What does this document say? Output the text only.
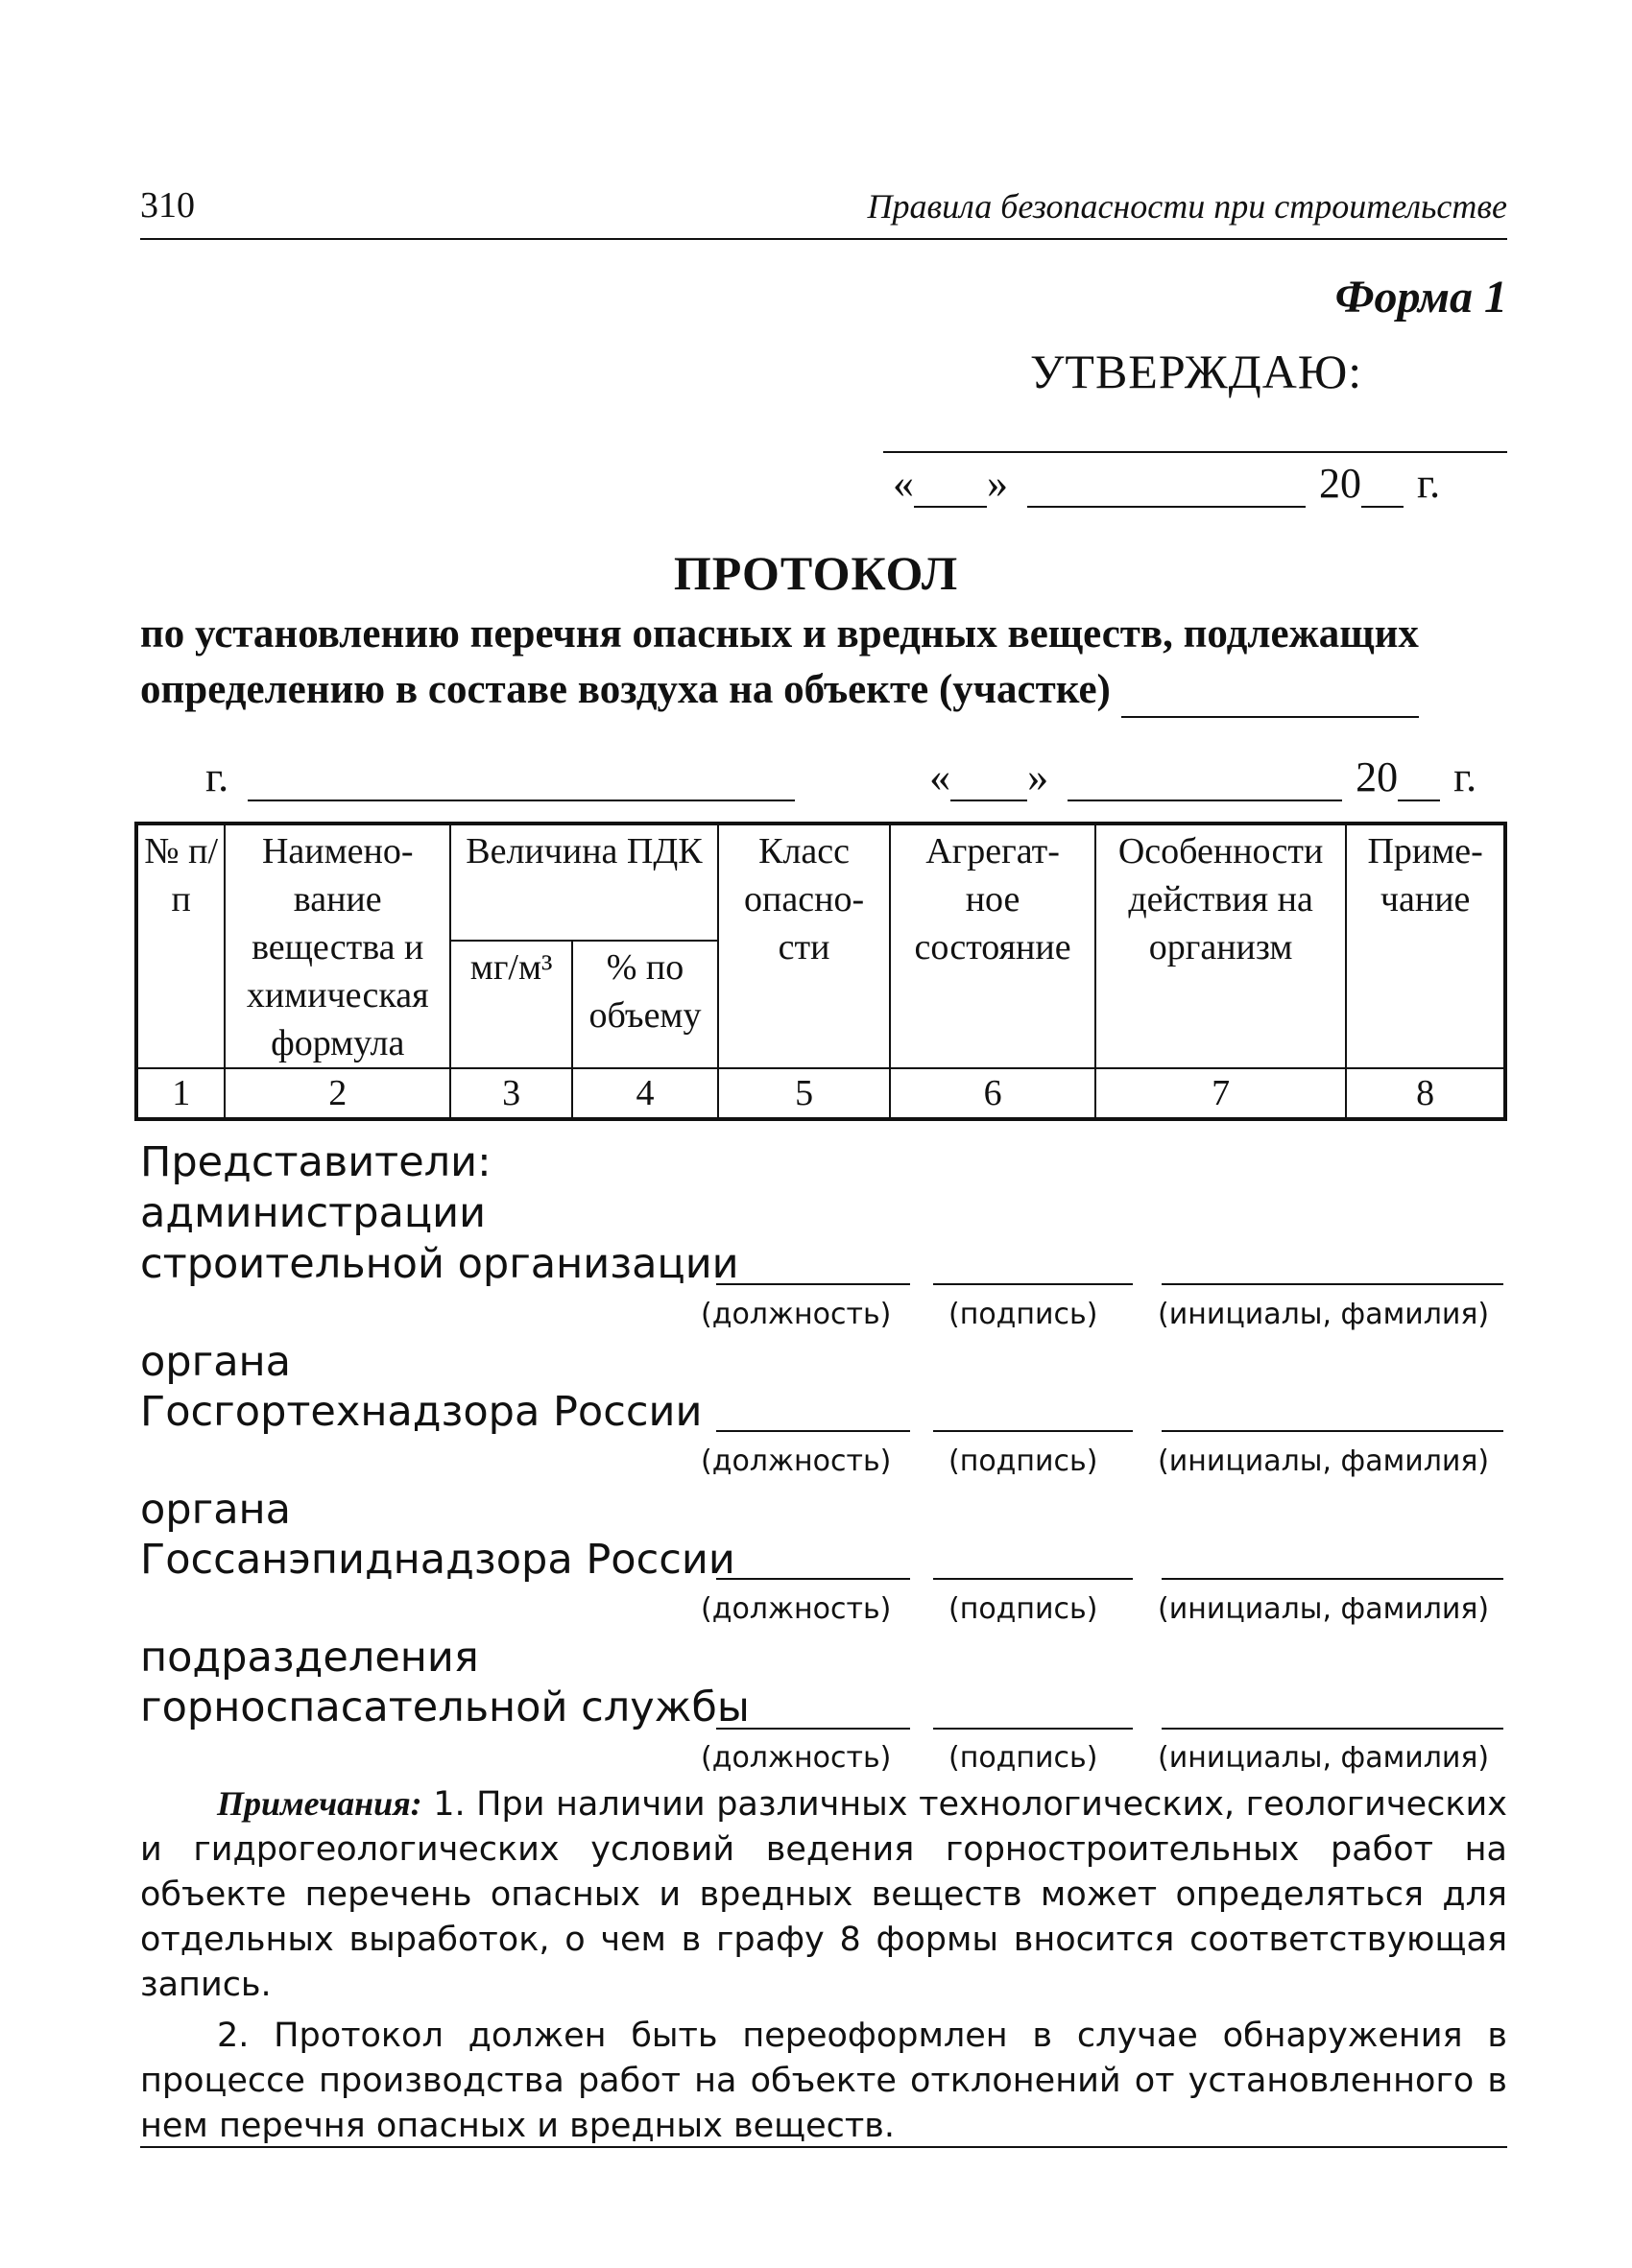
310	Правила безопасности при строительстве
Форма 1
УТВЕРЖДАЮ:
« »	20 г.
ПРОТОКОЛ
по установлению перечня опасных и вредных веществ, подлежащих определению в составе воздуха на объекте (участке)
г.	« »	20 г.
№ п/п	Наимено- вание вещества и химическая формула	Величина ПДК		Класс опасно- сти	Агрегат- ное состояние	Особенности действия на организм	Приме- чание
		мг/м³	% по объему				
1	2	3	4	5	6	7	8
Представители:
администрации
строительной организации
(должность) (подпись) (инициалы, фамилия)
органа
Госгортехнадзора России
(должность) (подпись) (инициалы, фамилия)
органа
Госсанэпиднадзора России
(должность) (подпись) (инициалы, фамилия)
подразделения
горноспасательной службы
(должность) (подпись) (инициалы, фамилия)

Примечания: 1. При наличии различных технологических, геологических и гидрогеологических условий ведения горностроительных работ на объекте перечень опасных и вредных веществ может определяться для отдельных выработок, о чем в графу 8 формы вносится соответствующая запись.

2. Протокол должен быть переоформлен в случае обнаружения в процессе производства работ на объекте отклонений от установленного в нем перечня опасных и вредных веществ.
